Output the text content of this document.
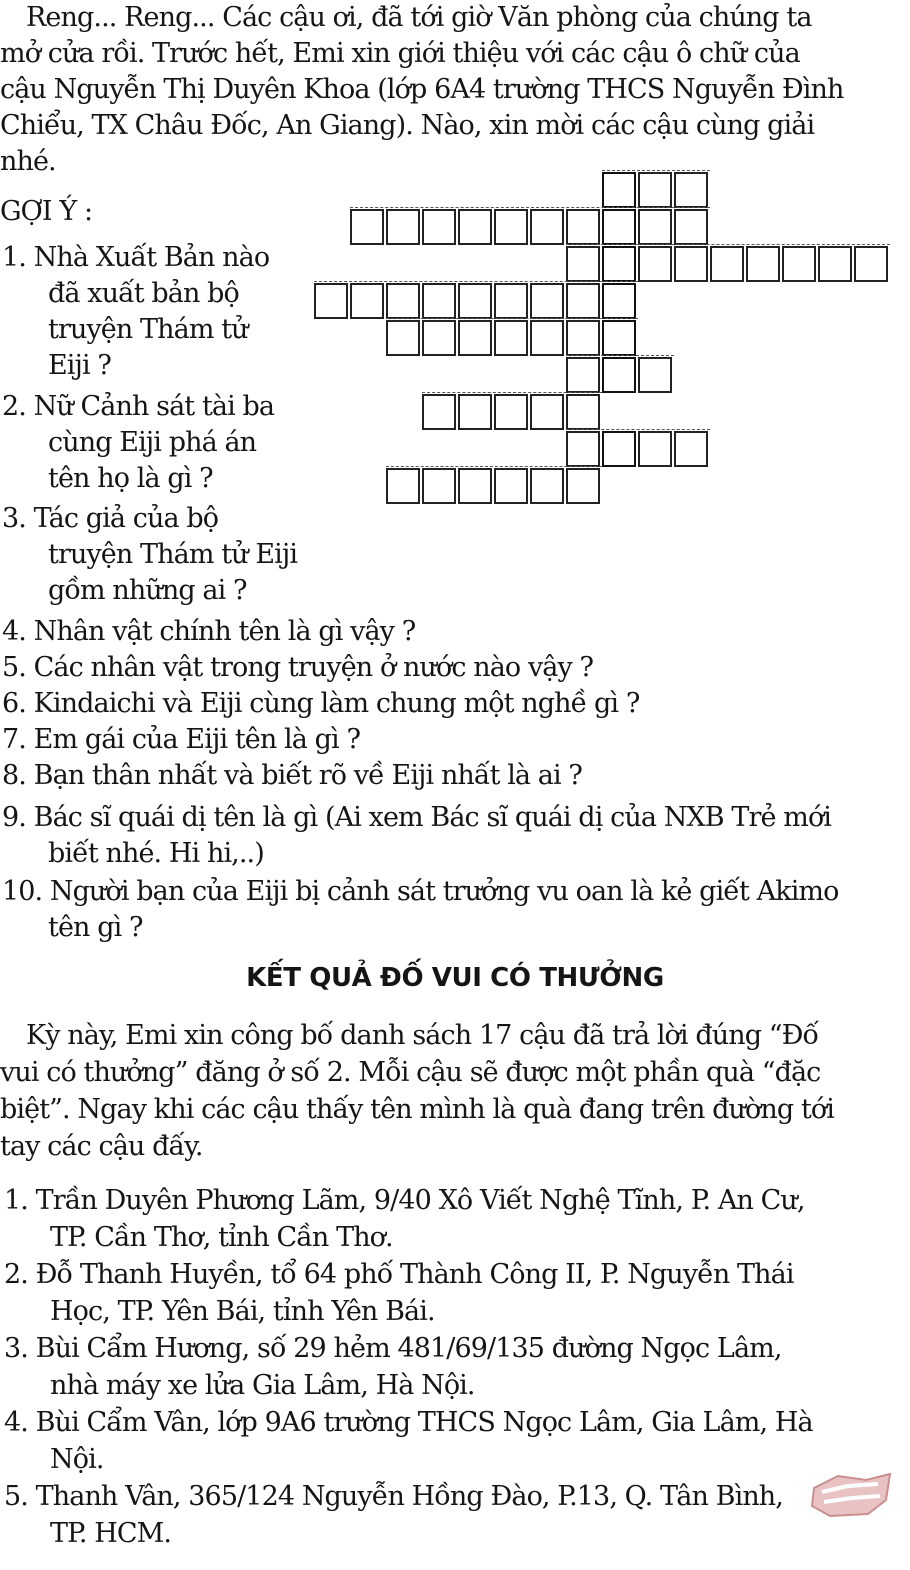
Reng... Reng... Các cậu ơi, đã tới giờ Văn phòng của chúng ta

mở cửa rồi. Trước hết, Emi xin giới thiệu với các cậu ô chữ của

cậu Nguyễn Thị Duyên Khoa (lớp 6A4 trường THCS Nguyễn Đình

Chiểu, TX Châu Đốc, An Giang). Nào, xin mời các cậu cùng giải

nhé.

GỢI Ý :

1. Nhà Xuất Bản nào

đã xuất bản bộ

truyện Thám tử

Eiji ?

2. Nữ Cảnh sát tài ba

cùng Eiji phá án

tên họ là gì ?

3. Tác giả của bộ

truyện Thám tử Eiji

gồm những ai ?

4. Nhân vật chính tên là gì vậy ?

5. Các nhân vật trong truyện ở nước nào vậy ?

6. Kindaichi và Eiji cùng làm chung một nghề gì ?

7. Em gái của Eiji tên là gì ?

8. Bạn thân nhất và biết rõ về Eiji nhất là ai ?

9. Bác sĩ quái dị tên là gì (Ai xem Bác sĩ quái dị của NXB Trẻ mới

biết nhé. Hi hi,..)

10. Người bạn của Eiji bị cảnh sát trưởng vu oan là kẻ giết Akimo

tên gì ?

KẾT QUẢ ĐỐ VUI CÓ THƯỞNG

Kỳ này, Emi xin công bố danh sách 17 cậu đã trả lời đúng “Đố

vui có thưởng” đăng ở số 2. Mỗi cậu sẽ được một phần quà “đặc

biệt”. Ngay khi các cậu thấy tên mình là quà đang trên đường tới

tay các cậu đấy.

1. Trần Duyên Phương Lãm, 9/40 Xô Viết Nghệ Tĩnh, P. An Cư,

TP. Cần Thơ, tỉnh Cần Thơ.

2. Đỗ Thanh Huyền, tổ 64 phố Thành Công II, P. Nguyễn Thái

Học, TP. Yên Bái, tỉnh Yên Bái.

3. Bùi Cẩm Hương, số 29 hẻm 481/69/135 đường Ngọc Lâm,

nhà máy xe lửa Gia Lâm, Hà Nội.

4. Bùi Cẩm Vân, lớp 9A6 trường THCS Ngọc Lâm, Gia Lâm, Hà

Nội.

5. Thanh Vân, 365/124 Nguyễn Hồng Đào, P.13, Q. Tân Bình,

TP. HCM.
